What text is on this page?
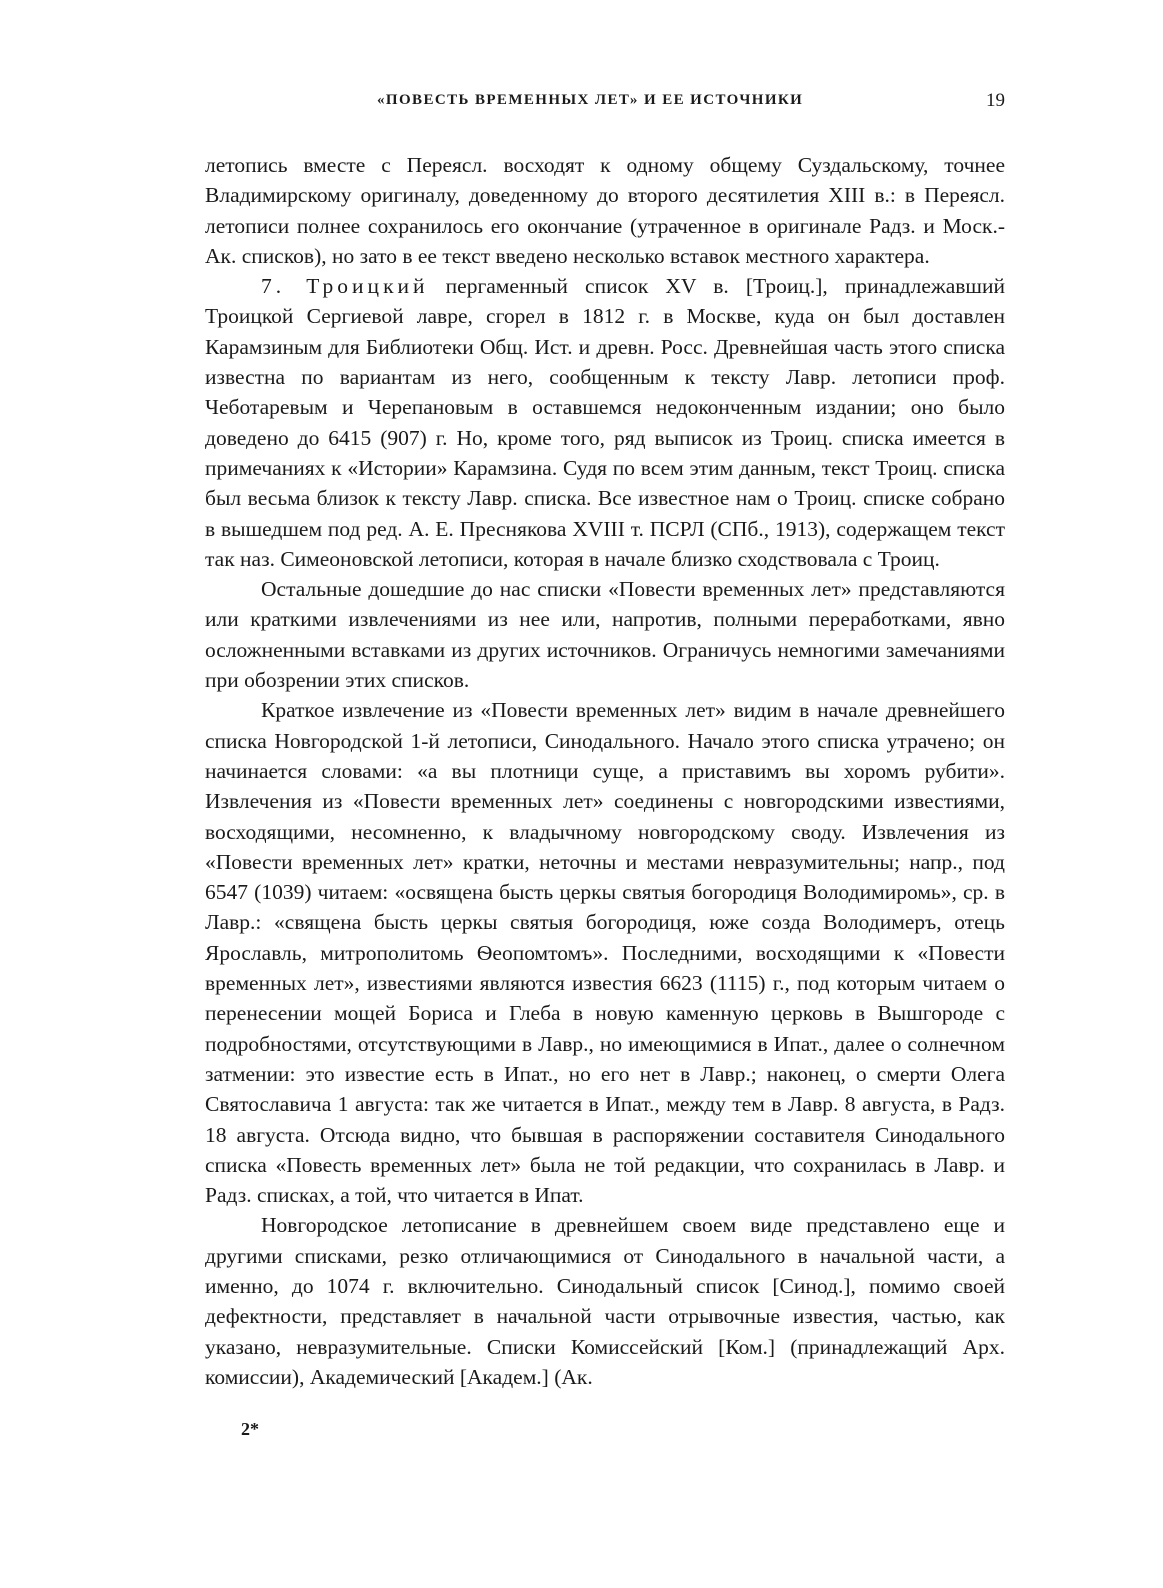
«ПОВЕСТЬ ВРЕМЕННЫХ ЛЕТ» И ЕЕ ИСТОЧНИКИ	19

летопись вместе с Переясл. восходят к одному общему Суздальскому, точнее Владимирскому оригиналу, доведенному до второго десятилетия XIII в.: в Переясл. летописи полнее сохранилось его окончание (утраченное в оригинале Радз. и Моск.-Ак. списков), но зато в ее текст введено несколько вставок местного характера.

7. Троицкий пергаменный список XV в. [Троиц.], принадлежавший Троицкой Сергиевой лавре, сгорел в 1812 г. в Москве, куда он был доставлен Карамзиным для Библиотеки Общ. Ист. и древн. Росс. Древнейшая часть этого списка известна по вариантам из него, сообщенным к тексту Лавр. летописи проф. Чеботаревым и Черепановым в оставшемся недоконченным издании; оно было доведено до 6415 (907) г. Но, кроме того, ряд выписок из Троиц. списка имеется в примечаниях к «Истории» Карамзина. Судя по всем этим данным, текст Троиц. списка был весьма близок к тексту Лавр. списка. Все известное нам о Троиц. списке собрано в вышедшем под ред. А. Е. Преснякова XVIII т. ПСРЛ (СПб., 1913), содержащем текст так наз. Симеоновской летописи, которая в начале близко сходствовала с Троиц.

Остальные дошедшие до нас списки «Повести временных лет» представляются или краткими извлечениями из нее или, напротив, полными переработками, явно осложненными вставками из других источников. Ограничусь немногими замечаниями при обозрении этих списков.

Краткое извлечение из «Повести временных лет» видим в начале древнейшего списка Новгородской 1-й летописи, Синодального. Начало этого списка утрачено; он начинается словами: «а вы плотници суще, а приставимъ вы хоромъ рубити». Извлечения из «Повести временных лет» соединены с новгородскими известиями, восходящими, несомненно, к владычному новгородскому своду. Извлечения из «Повести временных лет» кратки, неточны и местами невразумительны; напр., под 6547 (1039) читаем: «освящена бысть церкы святыя богородиця Володимиромь», ср. в Лавр.: «священа бысть церкы святыя богородиця, юже созда Володимеръ, отець Ярославль, митрополитомь Ѳеопомтомъ». Последними, восходящими к «Повести временных лет», известиями являются известия 6623 (1115) г., под которым читаем о перенесении мощей Бориса и Глеба в новую каменную церковь в Вышгороде с подробностями, отсутствующими в Лавр., но имеющимися в Ипат., далее о солнечном затмении: это известие есть в Ипат., но его нет в Лавр.; наконец, о смерти Олега Святославича 1 августа: так же читается в Ипат., между тем в Лавр. 8 августа, в Радз. 18 августа. Отсюда видно, что бывшая в распоряжении составителя Синодального списка «Повесть временных лет» была не той редакции, что сохранилась в Лавр. и Радз. списках, а той, что читается в Ипат.

Новгородское летописание в древнейшем своем виде представлено еще и другими списками, резко отличающимися от Синодального в начальной части, а именно, до 1074 г. включительно. Синодальный список [Синод.], помимо своей дефектности, представляет в начальной части отрывочные известия, частью, как указано, невразумительные. Списки Комиссейский [Ком.] (принадлежащий Арх. комиссии), Академический [Академ.] (Ак.

2*
